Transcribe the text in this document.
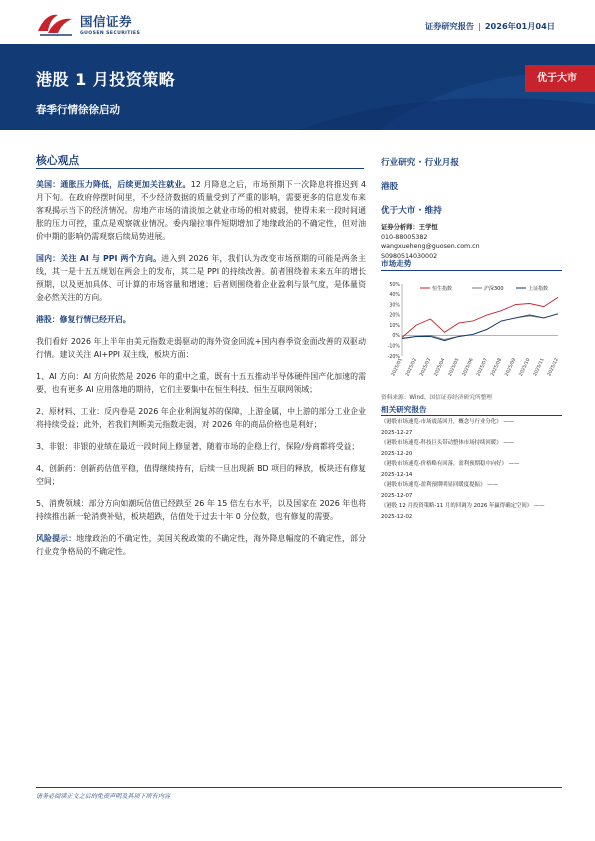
国信证券
GUOSEN SECURITIES
证券研究报告 | 2026年01月04日
港股 1 月投资策略
春季行情徐徐启动
优于大市
核心观点

美国：通胀压力降低，后续更加关注就业。12 月降息之后，市场预期下一次降息将推迟到 4 月下旬。在政府停摆时间里，不少经济数据的质量受到了严重的影响，需要更多的信息发布来客观揭示当下的经济情况。房地产市场的清淡加之就业市场的相对疲弱，使得未来一段时间通胀的压力可控，重点是观察就业情况。委内瑞拉事件短期增加了地缘政治的不确定性，但对油价中期的影响仍需观察后续局势进展。

国内：关注 AI 与 PPI 两个方向。进入到 2026 年，我们认为改变市场预期的可能是两条主线，其一是十五五规划在两会上的发布，其二是 PPI 的持续改善。前者围绕着未来五年的增长预期，以及更加具体、可计算的市场容量和增速；后者则围绕着企业盈利与景气度，是体量资金必然关注的方向。

港股：修复行情已经开启。

我们看好 2026 年上半年由美元指数走弱驱动的海外资金回流+国内春季资金面改善的双驱动行情。建议关注 AI+PPI 双主线，板块方面：

1、AI 方向：AI 方向依然是 2026 年的重中之重，既有十五五推动半导体硬件国产化加速的需要，也有更多 AI 应用落地的期待，它们主要集中在恒生科技、恒生互联网领域；

2、原材料、工业：反内卷是 2026 年企业利润复苏的保障，上游金属，中上游的部分工业企业将持续受益；此外，若我们判断美元指数走弱，对 2026 年的商品价格也是利好；

3、非银：非银的业绩在最近一段时间上修显著，随着市场的企稳上行，保险/券商都将受益；

4、创新药：创新药估值平稳，值得继续持有，后续一旦出现新 BD 项目的释放，板块还有修复空间；

5、消费领域：部分方向如潮玩估值已经跌至 26 年 15 倍左右水平，以及国家在 2026 年也将持续推出新一轮消费补贴，板块超跌，估值处于过去十年 0 分位数，也有修复的需要。

风险提示：地缘政治的不确定性，美国关税政策的不确定性，海外降息幅度的不确定性，部分行业竞争格局的不确定性。

行业研究 · 行业月报
港股
优于大市 · 维持
证券分析师：王学恒
010-88005382
wangxueheng@guosen.com.cn
S0980514030002
市场走势
-20%
-10%
0%
10%
20%
30%
40%
50%
2025/01 2025/02 2025/03 2025/04 2025/05 2025/06 2025/07 2025/08 2025/09 2025/10 2025/11 2025/12
恒生指数	沪深300	上证指数
资料来源：Wind、国信证券经济研究所整理
相关研究报告
《港股市场速览-市场震荡回升，概念与行业分化》 ——
2025-12-27
《港股市场速览-科技巨头带动整体市场持续回暖》 ——
2025-12-20
《港股市场速览-价格略有回落，盈利预期稳中向好》 ——
2025-12-14
《港股市场速览-盈利预期明显回暖度提振》 ——
2025-12-07
《港股 12 月投资策略-11 月的回调为 2026 年赢得确定空间》 ——
2025-12-02
请务必阅读正文之后的免责声明及其项下所有内容
